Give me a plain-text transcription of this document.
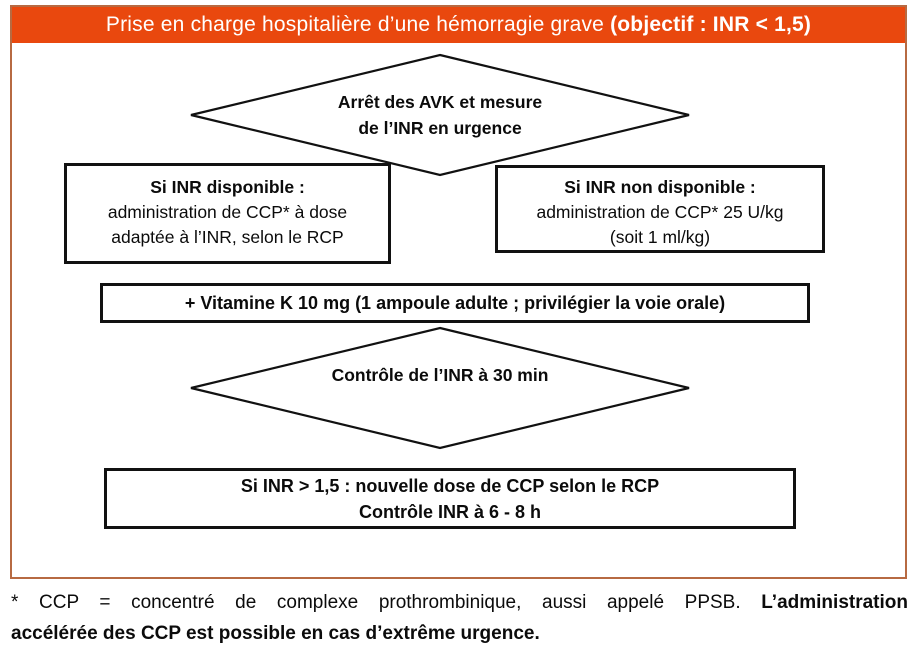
Prise en charge hospitalière d’une hémorragie grave (objectif : INR < 1,5)
Arrêt des AVK et mesure
de l’INR en urgence
Si INR disponible :
administration de CCP* à dose
adaptée à l’INR, selon le RCP
Si INR non disponible :
administration de CCP* 25 U/kg
(soit 1 ml/kg)
+ Vitamine K 10 mg (1 ampoule adulte ; privilégier la voie orale)
Contrôle de l’INR à 30 min
Si INR > 1,5 : nouvelle dose de CCP selon le RCP
Contrôle INR à 6 - 8 h
* CCP = concentré de complexe prothrombinique, aussi appelé PPSB. L’administration
accélérée des CCP est possible en cas d’extrême urgence.
